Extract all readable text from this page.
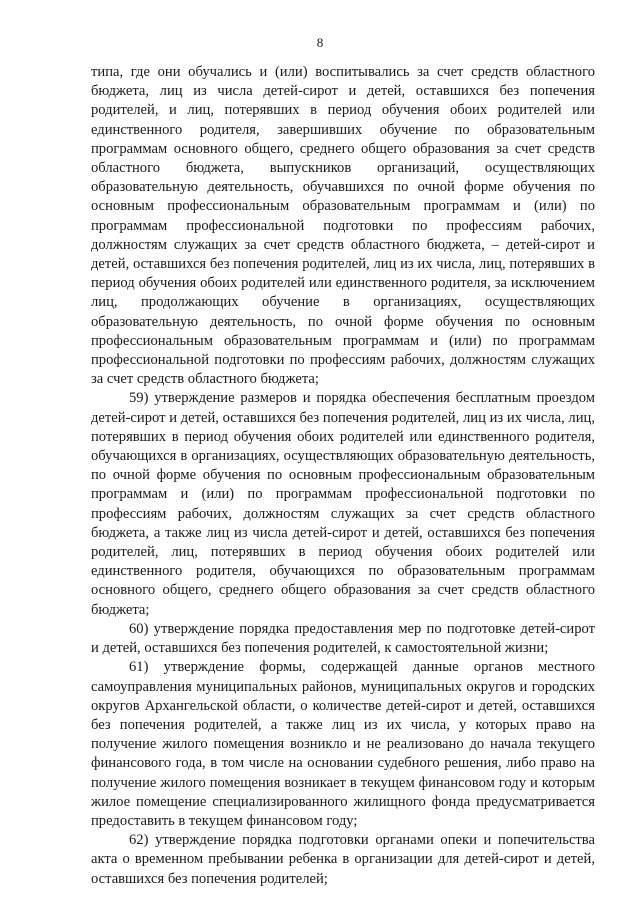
8

типа, где они обучались и (или) воспитывались за счет средств областного бюджета, лиц из числа детей-сирот и детей, оставшихся без попечения родителей, и лиц, потерявших в период обучения обоих родителей или единственного родителя, завершивших обучение по образовательным программам основного общего, среднего общего образования за счет средств областного бюджета, выпускников организаций, осуществляющих образовательную деятельность, обучавшихся по очной форме обучения по основным профессиональным образовательным программам и (или) по программам профессиональной подготовки по профессиям рабочих, должностям служащих за счет средств областного бюджета, – детей-сирот и детей, оставшихся без попечения родителей, лиц из их числа, лиц, потерявших в период обучения обоих родителей или единственного родителя, за исключением лиц, продолжающих обучение в организациях, осуществляющих образовательную деятельность, по очной форме обучения по основным профессиональным образовательным программам и (или) по программам профессиональной подготовки по профессиям рабочих, должностям служащих за счет средств областного бюджета;

59) утверждение размеров и порядка обеспечения бесплатным проездом детей-сирот и детей, оставшихся без попечения родителей, лиц из их числа, лиц, потерявших в период обучения обоих родителей или единственного родителя, обучающихся в организациях, осуществляющих образовательную деятельность, по очной форме обучения по основным профессиональным образовательным программам и (или) по программам профессиональной подготовки по профессиям рабочих, должностям служащих за счет средств областного бюджета, а также лиц из числа детей-сирот и детей, оставшихся без попечения родителей, лиц, потерявших в период обучения обоих родителей или единственного родителя, обучающихся по образовательным программам основного общего, среднего общего образования за счет средств областного бюджета;

60) утверждение порядка предоставления мер по подготовке детей-сирот и детей, оставшихся без попечения родителей, к самостоятельной жизни;

61) утверждение формы, содержащей данные органов местного самоуправления муниципальных районов, муниципальных округов и городских округов Архангельской области, о количестве детей-сирот и детей, оставшихся без попечения родителей, а также лиц из их числа, у которых право на получение жилого помещения возникло и не реализовано до начала текущего финансового года, в том числе на основании судебного решения, либо право на получение жилого помещения возникает в текущем финансовом году и которым жилое помещение специализированного жилищного фонда предусматривается предоставить в текущем финансовом году;

62) утверждение порядка подготовки органами опеки и попечительства акта о временном пребывании ребенка в организации для детей-сирот и детей, оставшихся без попечения родителей;
